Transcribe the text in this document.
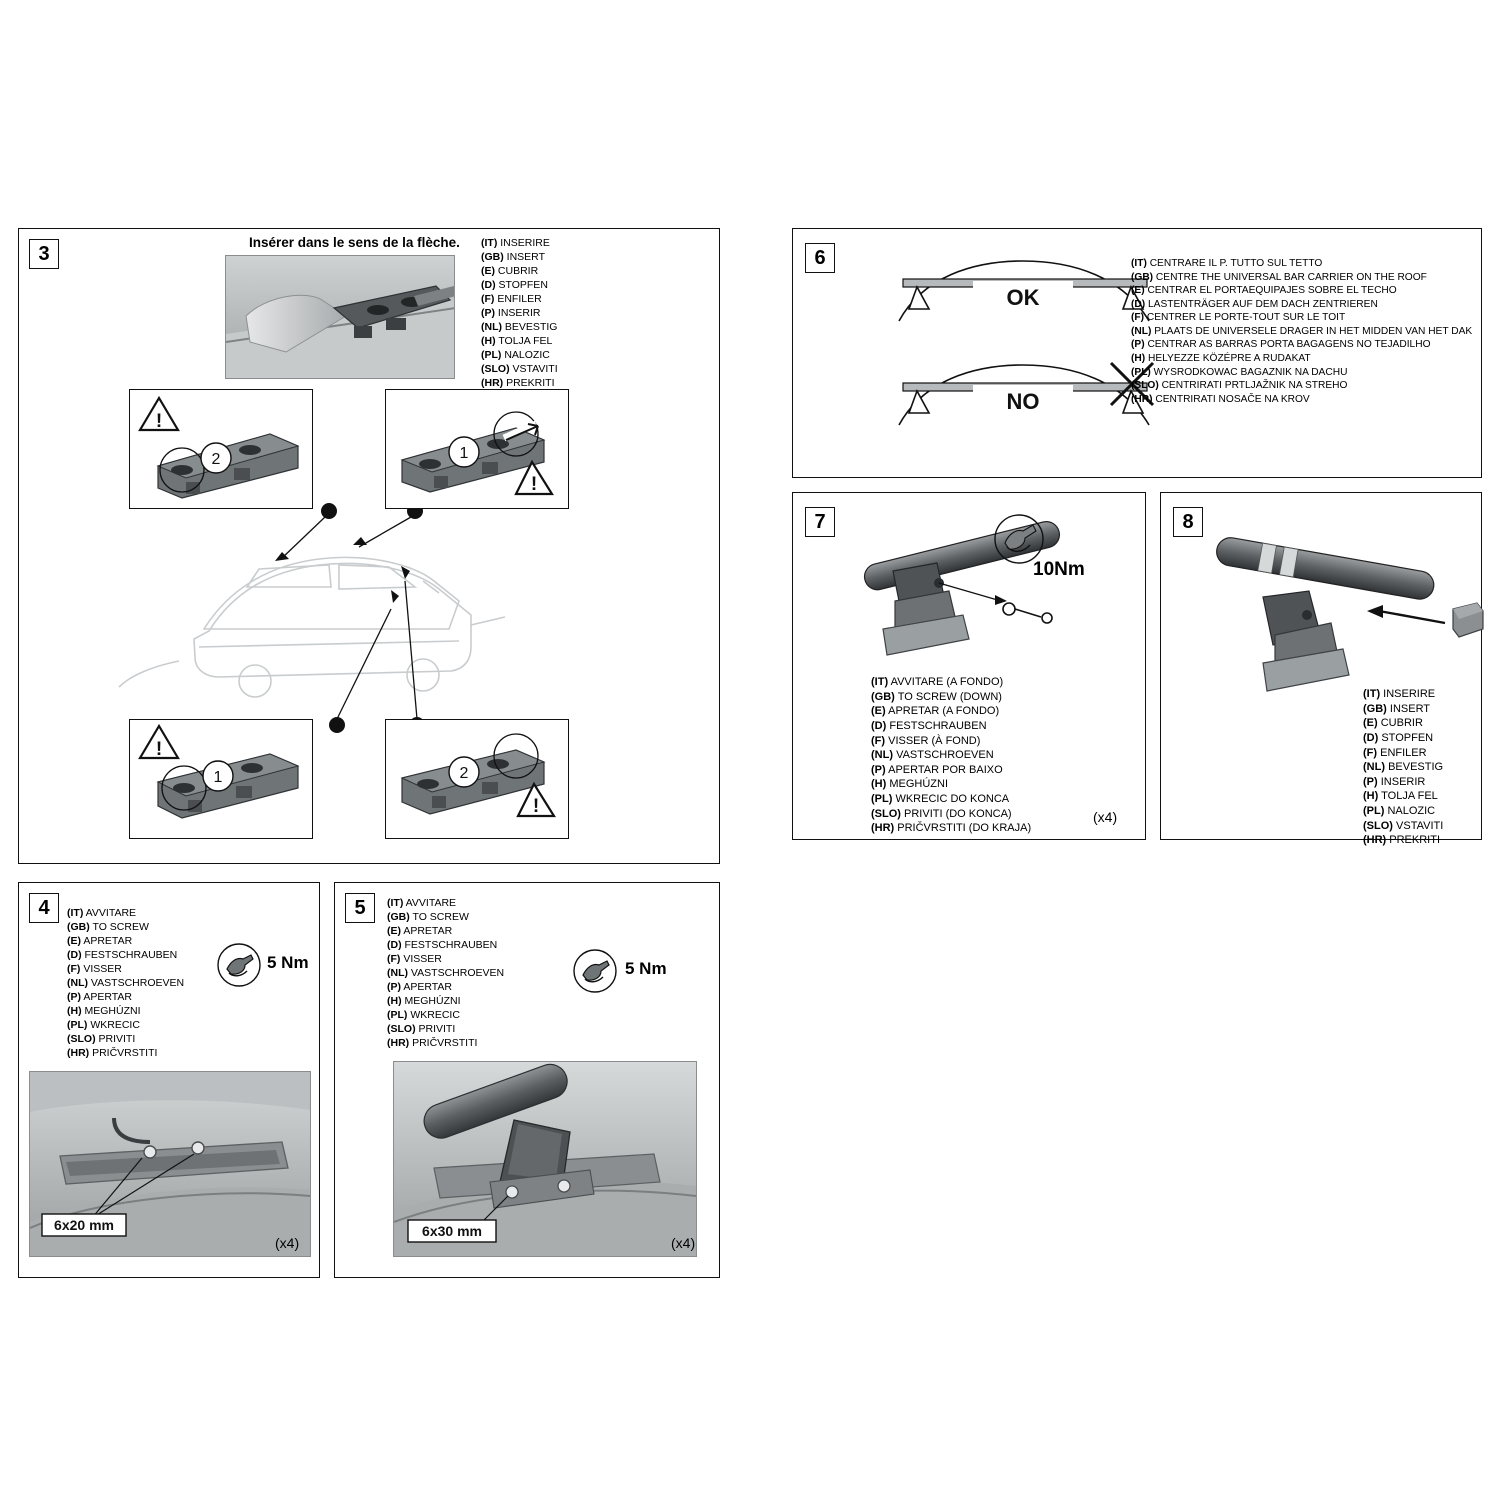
3	Insérer dans le sens de la flèche. (IT) INSERIRE
(GB) INSERT
(E) CUBRIR
(D) STOPFEN
(F) ENFILER
(P) INSERIR
(NL) BEVESTIG
(H) TOLJA FEL
(PL) NALOZIC
(SLO) VSTAVITI
(HR) PREKRITI
2
!
1
!
1
!
2
!
4	(IT) AVVITARE
(GB) TO SCREW
(E) APRETAR
(D) FESTSCHRAUBEN
(F) VISSER
(NL) VASTSCHROEVEN
(P) APERTAR
(H) MEGHÚZNI
(PL) WKRECIC
(SLO) PRIVITI
(HR) PRIČVRSTITI
5 Nm
6x20 mm
(x4)
5	(IT) AVVITARE
(GB) TO SCREW
(E) APRETAR
(D) FESTSCHRAUBEN
(F) VISSER
(NL) VASTSCHROEVEN
(P) APERTAR
(H) MEGHÚZNI
(PL) WKRECIC
(SLO) PRIVITI
(HR) PRIČVRSTITI
5 Nm
6x30 mm
(x4)
6
OK
NO
(IT) CENTRARE IL P. TUTTO SUL TETTO
(GB) CENTRE THE UNIVERSAL BAR CARRIER ON THE ROOF
(E) CENTRAR EL PORTAEQUIPAJES SOBRE EL TECHO
(D) LASTENTRÄGER AUF DEM DACH ZENTRIEREN
(F) CENTRER LE PORTE-TOUT SUR LE TOIT
(NL) PLAATS DE UNIVERSELE DRAGER IN HET MIDDEN VAN HET DAK
(P) CENTRAR AS BARRAS PORTA BAGAGENS NO TEJADILHO
(H) HELYEZZE KÖZÉPRE A RUDAKAT
(PL) WYSRODKOWAC BAGAZNIK NA DACHU
(SLO) CENTRIRATI PRTLJAŽNIK NA STREHO
(HR) CENTRIRATI NOSAČE NA KROV
7
10Nm
(IT) AVVITARE (A FONDO)
(GB) TO SCREW (DOWN)
(E) APRETAR (A FONDO)
(D) FESTSCHRAUBEN
(F) VISSER (À FOND)
(NL) VASTSCHROEVEN
(P) APERTAR POR BAIXO
(H) MEGHÚZNI
(PL) WKRECIC DO KONCA
(SLO) PRIVITI (DO KONCA)
(HR) PRIČVRSTITI (DO KRAJA)
(x4)
8
(IT) INSERIRE
(GB) INSERT
(E) CUBRIR
(D) STOPFEN
(F) ENFILER
(NL) BEVESTIG
(P) INSERIR
(H) TOLJA FEL
(PL) NALOZIC
(SLO) VSTAVITI
(HR) PREKRITI
